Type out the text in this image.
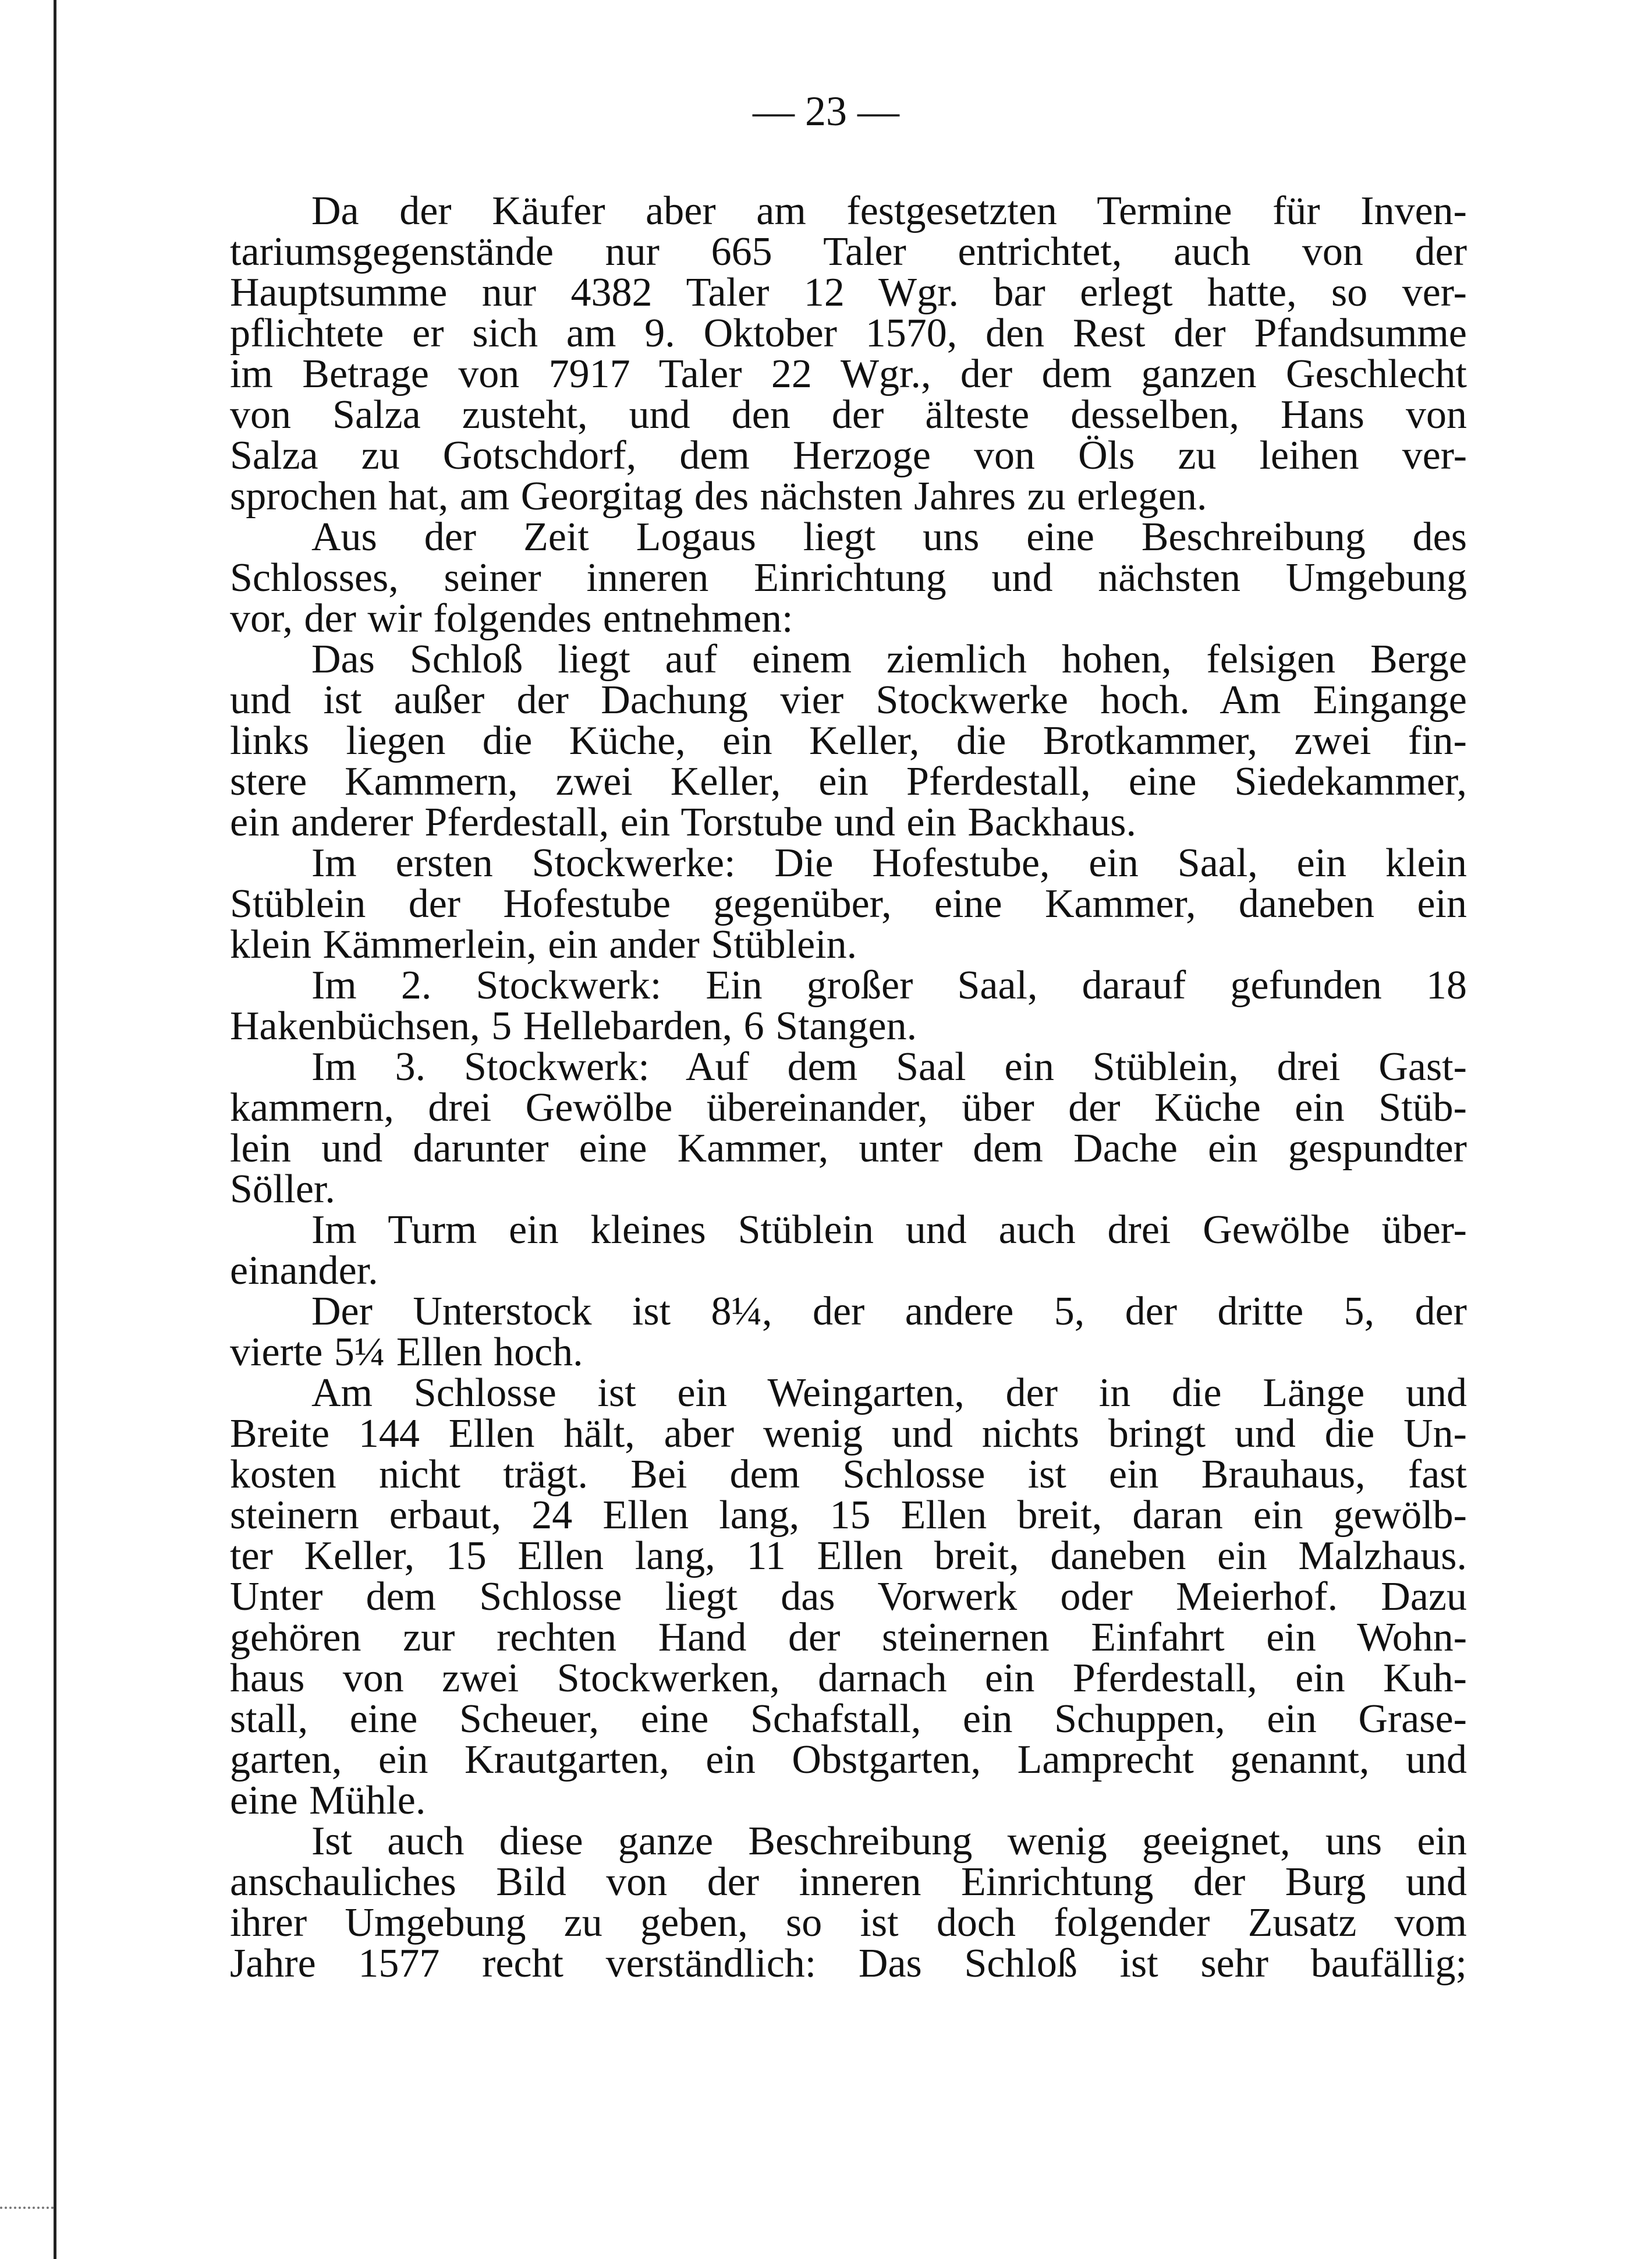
— 23 —
Da der Käufer aber am festgesetzten Termine für Inven-
tariumsgegenstände nur 665 Taler entrichtet, auch von der
Hauptsumme nur 4382 Taler 12 Wgr. bar erlegt hatte, so ver-
pflichtete er sich am 9. Oktober 1570, den Rest der Pfandsumme
im Betrage von 7917 Taler 22 Wgr., der dem ganzen Geschlecht
von Salza zusteht, und den der älteste desselben, Hans von
Salza zu Gotschdorf, dem Herzoge von Öls zu leihen ver-
sprochen hat, am Georgitag des nächsten Jahres zu erlegen.
Aus der Zeit Logaus liegt uns eine Beschreibung des
Schlosses, seiner inneren Einrichtung und nächsten Umgebung
vor, der wir folgendes entnehmen:
Das Schloß liegt auf einem ziemlich hohen, felsigen Berge
und ist außer der Dachung vier Stockwerke hoch. Am Eingange
links liegen die Küche, ein Keller, die Brotkammer, zwei fin-
stere Kammern, zwei Keller, ein Pferdestall, eine Siedekammer,
ein anderer Pferdestall, ein Torstube und ein Backhaus.
Im ersten Stockwerke: Die Hofestube, ein Saal, ein klein
Stüblein der Hofestube gegenüber, eine Kammer, daneben ein
klein Kämmerlein, ein ander Stüblein.
Im 2. Stockwerk: Ein großer Saal, darauf gefunden 18
Hakenbüchsen, 5 Hellebarden, 6 Stangen.
Im 3. Stockwerk: Auf dem Saal ein Stüblein, drei Gast-
kammern, drei Gewölbe übereinander, über der Küche ein Stüb-
lein und darunter eine Kammer, unter dem Dache ein gespundter
Söller.
Im Turm ein kleines Stüblein und auch drei Gewölbe über-
einander.
Der Unterstock ist 8¼, der andere 5, der dritte 5, der
vierte 5¼ Ellen hoch.
Am Schlosse ist ein Weingarten, der in die Länge und
Breite 144 Ellen hält, aber wenig und nichts bringt und die Un-
kosten nicht trägt. Bei dem Schlosse ist ein Brauhaus, fast
steinern erbaut, 24 Ellen lang, 15 Ellen breit, daran ein gewölb-
ter Keller, 15 Ellen lang, 11 Ellen breit, daneben ein Malzhaus.
Unter dem Schlosse liegt das Vorwerk oder Meierhof. Dazu
gehören zur rechten Hand der steinernen Einfahrt ein Wohn-
haus von zwei Stockwerken, darnach ein Pferdestall, ein Kuh-
stall, eine Scheuer, eine Schafstall, ein Schuppen, ein Grase-
garten, ein Krautgarten, ein Obstgarten, Lamprecht genannt, und
eine Mühle.
Ist auch diese ganze Beschreibung wenig geeignet, uns ein
anschauliches Bild von der inneren Einrichtung der Burg und
ihrer Umgebung zu geben, so ist doch folgender Zusatz vom
Jahre 1577 recht verständlich: Das Schloß ist sehr baufällig;
